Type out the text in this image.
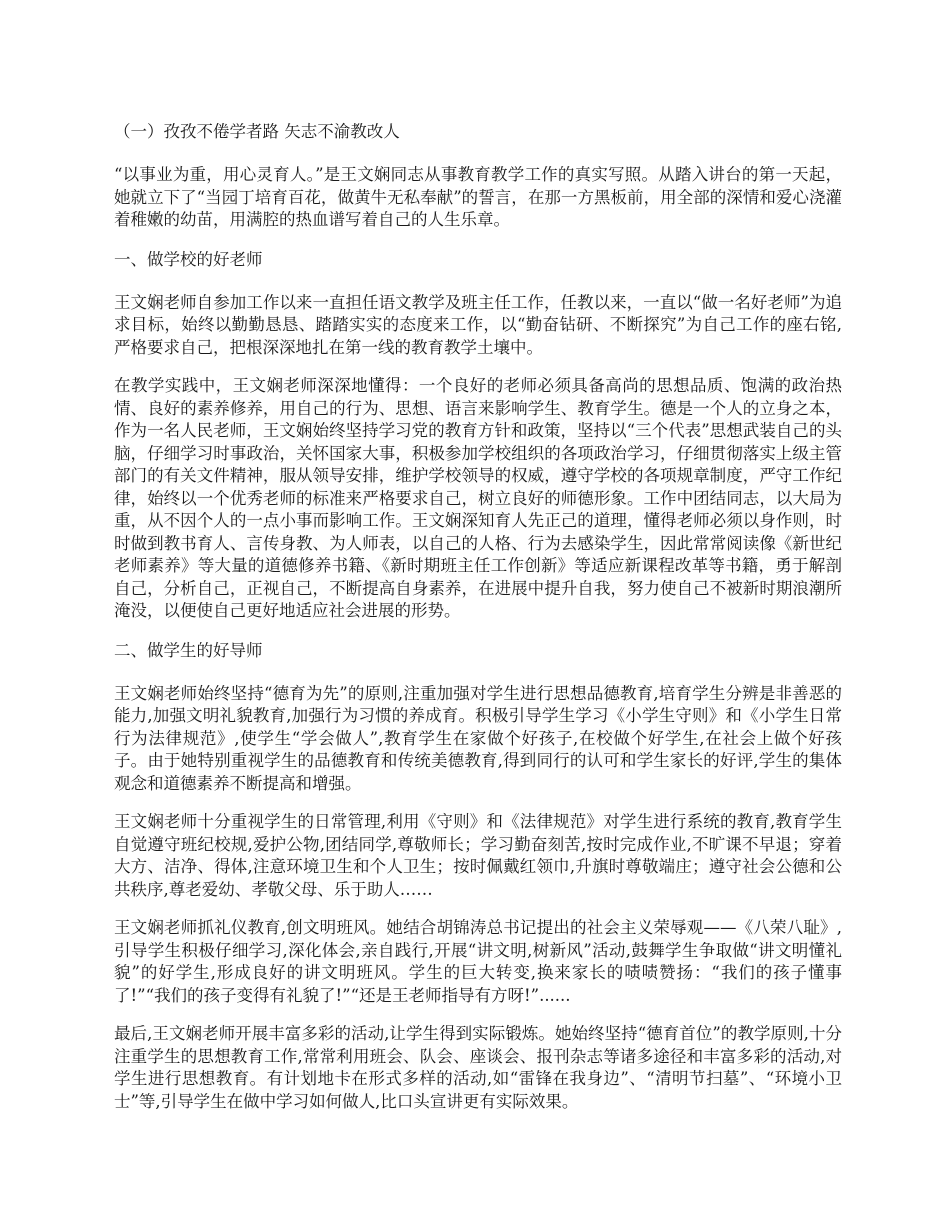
（一）孜孜不倦学者路 矢志不渝教改人

“以事业为重，用心灵育人。”是王文娴同志从事教育教学工作的真实写照。从踏入讲台的第一天起，她就立下了“当园丁培育百花，做黄牛无私奉献”的誓言，在那一方黑板前，用全部的深情和爱心浇灌着稚嫩的幼苗，用满腔的热血谱写着自己的人生乐章。

一、做学校的好老师

王文娴老师自参加工作以来一直担任语文教学及班主任工作，任教以来，一直以“做一名好老师”为追求目标，始终以勤勤恳恳、踏踏实实的态度来工作，以“勤奋钻研、不断探究”为自己工作的座右铭,严格要求自己，把根深深地扎在第一线的教育教学土壤中。

在教学实践中，王文娴老师深深地懂得：一个良好的老师必须具备高尚的思想品质、饱满的政治热情、良好的素养修养，用自己的行为、思想、语言来影响学生、教育学生。德是一个人的立身之本，作为一名人民老师，王文娴始终坚持学习党的教育方针和政策，坚持以“三个代表”思想武装自己的头脑，仔细学习时事政治，关怀国家大事，积极参加学校组织的各项政治学习，仔细贯彻落实上级主管部门的有关文件精神，服从领导安排，维护学校领导的权威，遵守学校的各项规章制度，严守工作纪律，始终以一个优秀老师的标准来严格要求自己，树立良好的师德形象。工作中团结同志，以大局为重，从不因个人的一点小事而影响工作。王文娴深知育人先正己的道理，懂得老师必须以身作则，时时做到教书育人、言传身教、为人师表，以自己的人格、行为去感染学生，因此常常阅读像《新世纪老师素养》等大量的道德修养书籍、《新时期班主任工作创新》等适应新课程改革等书籍，勇于解剖自己，分析自己，正视自己，不断提高自身素养，在进展中提升自我，努力使自己不被新时期浪潮所淹没，以便使自己更好地适应社会进展的形势。

二、做学生的好导师

王文娴老师始终坚持“德育为先”的原则,注重加强对学生进行思想品德教育,培育学生分辨是非善恶的能力,加强文明礼貌教育,加强行为习惯的养成育。积极引导学生学习《小学生守则》和《小学生日常行为法律规范》,使学生“学会做人”,教育学生在家做个好孩子,在校做个好学生,在社会上做个好孩子。由于她特别重视学生的品德教育和传统美德教育,得到同行的认可和学生家长的好评,学生的集体观念和道德素养不断提高和增强。

王文娴老师十分重视学生的日常管理,利用《守则》和《法律规范》对学生进行系统的教育,教育学生自觉遵守班纪校规,爱护公物,团结同学,尊敬师长；学习勤奋刻苦,按时完成作业,不旷课不早退；穿着大方、洁净、得体,注意环境卫生和个人卫生；按时佩戴红领巾,升旗时尊敬端庄；遵守社会公德和公共秩序,尊老爱幼、孝敬父母、乐于助人……

王文娴老师抓礼仪教育,创文明班风。她结合胡锦涛总书记提出的社会主义荣辱观——《八荣八耻》,引导学生积极仔细学习,深化体会,亲自践行,开展“讲文明,树新风”活动,鼓舞学生争取做“讲文明懂礼貌”的好学生,形成良好的讲文明班风。学生的巨大转变,换来家长的啧啧赞扬：“我们的孩子懂事了!”“我们的孩子变得有礼貌了!”“还是王老师指导有方呀!”......

最后,王文娴老师开展丰富多彩的活动,让学生得到实际锻炼。她始终坚持“德育首位”的教学原则,十分注重学生的思想教育工作,常常利用班会、队会、座谈会、报刊杂志等诸多途径和丰富多彩的活动,对学生进行思想教育。有计划地卡在形式多样的活动,如“雷锋在我身边”、“清明节扫墓”、“环境小卫士”等,引导学生在做中学习如何做人,比口头宣讲更有实际效果。
